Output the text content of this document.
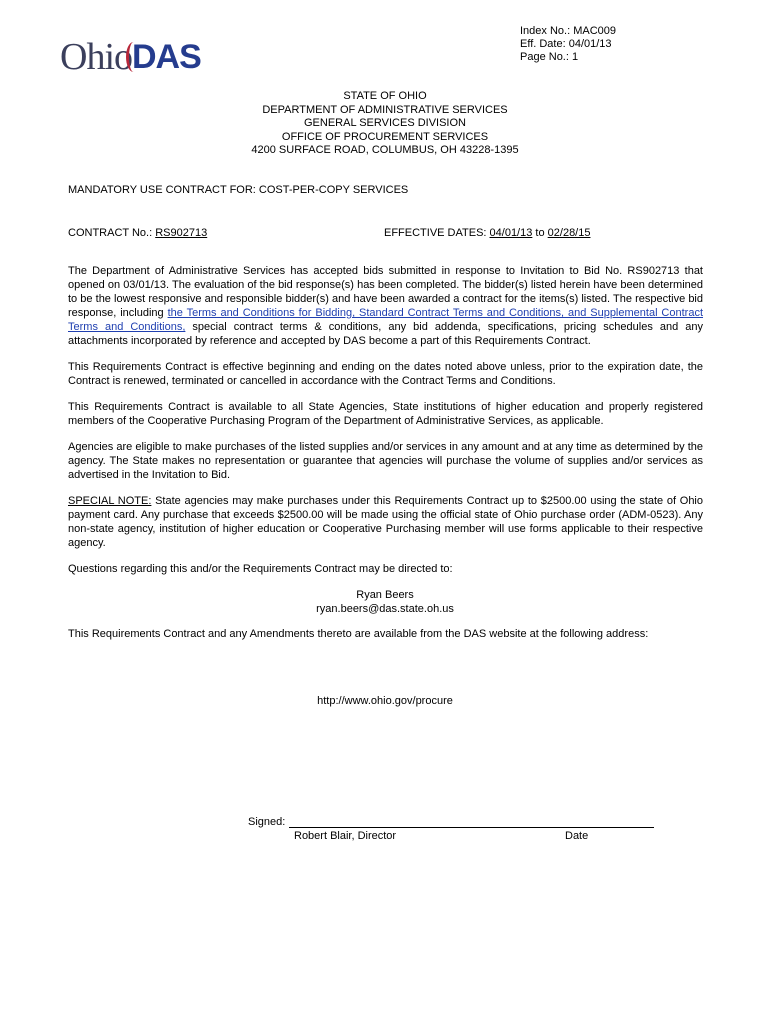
Ohio DAS
Index No.: MAC009
Eff. Date: 04/01/13
Page No.: 1
STATE OF OHIO
DEPARTMENT OF ADMINISTRATIVE SERVICES
GENERAL SERVICES DIVISION
OFFICE OF PROCUREMENT SERVICES
4200 SURFACE ROAD, COLUMBUS, OH 43228-1395
MANDATORY USE CONTRACT FOR: COST-PER-COPY SERVICES
CONTRACT No.: RS902713	EFFECTIVE DATES: 04/01/13 to 02/28/15
The Department of Administrative Services has accepted bids submitted in response to Invitation to Bid No. RS902713 that opened on 03/01/13. The evaluation of the bid response(s) has been completed. The bidder(s) listed herein have been determined to be the lowest responsive and responsible bidder(s) and have been awarded a contract for the items(s) listed. The respective bid response, including the Terms and Conditions for Bidding, Standard Contract Terms and Conditions, and Supplemental Contract Terms and Conditions, special contract terms & conditions, any bid addenda, specifications, pricing schedules and any attachments incorporated by reference and accepted by DAS become a part of this Requirements Contract.
This Requirements Contract is effective beginning and ending on the dates noted above unless, prior to the expiration date, the Contract is renewed, terminated or cancelled in accordance with the Contract Terms and Conditions.
This Requirements Contract is available to all State Agencies, State institutions of higher education and properly registered members of the Cooperative Purchasing Program of the Department of Administrative Services, as applicable.
Agencies are eligible to make purchases of the listed supplies and/or services in any amount and at any time as determined by the agency. The State makes no representation or guarantee that agencies will purchase the volume of supplies and/or services as advertised in the Invitation to Bid.
SPECIAL NOTE: State agencies may make purchases under this Requirements Contract up to $2500.00 using the state of Ohio payment card. Any purchase that exceeds $2500.00 will be made using the official state of Ohio purchase order (ADM-0523). Any non-state agency, institution of higher education or Cooperative Purchasing member will use forms applicable to their respective agency.
Questions regarding this and/or the Requirements Contract may be directed to:
Ryan Beers
ryan.beers@das.state.oh.us
This Requirements Contract and any Amendments thereto are available from the DAS website at the following address:
http://www.ohio.gov/procure
Signed:
Robert Blair, Director	Date
